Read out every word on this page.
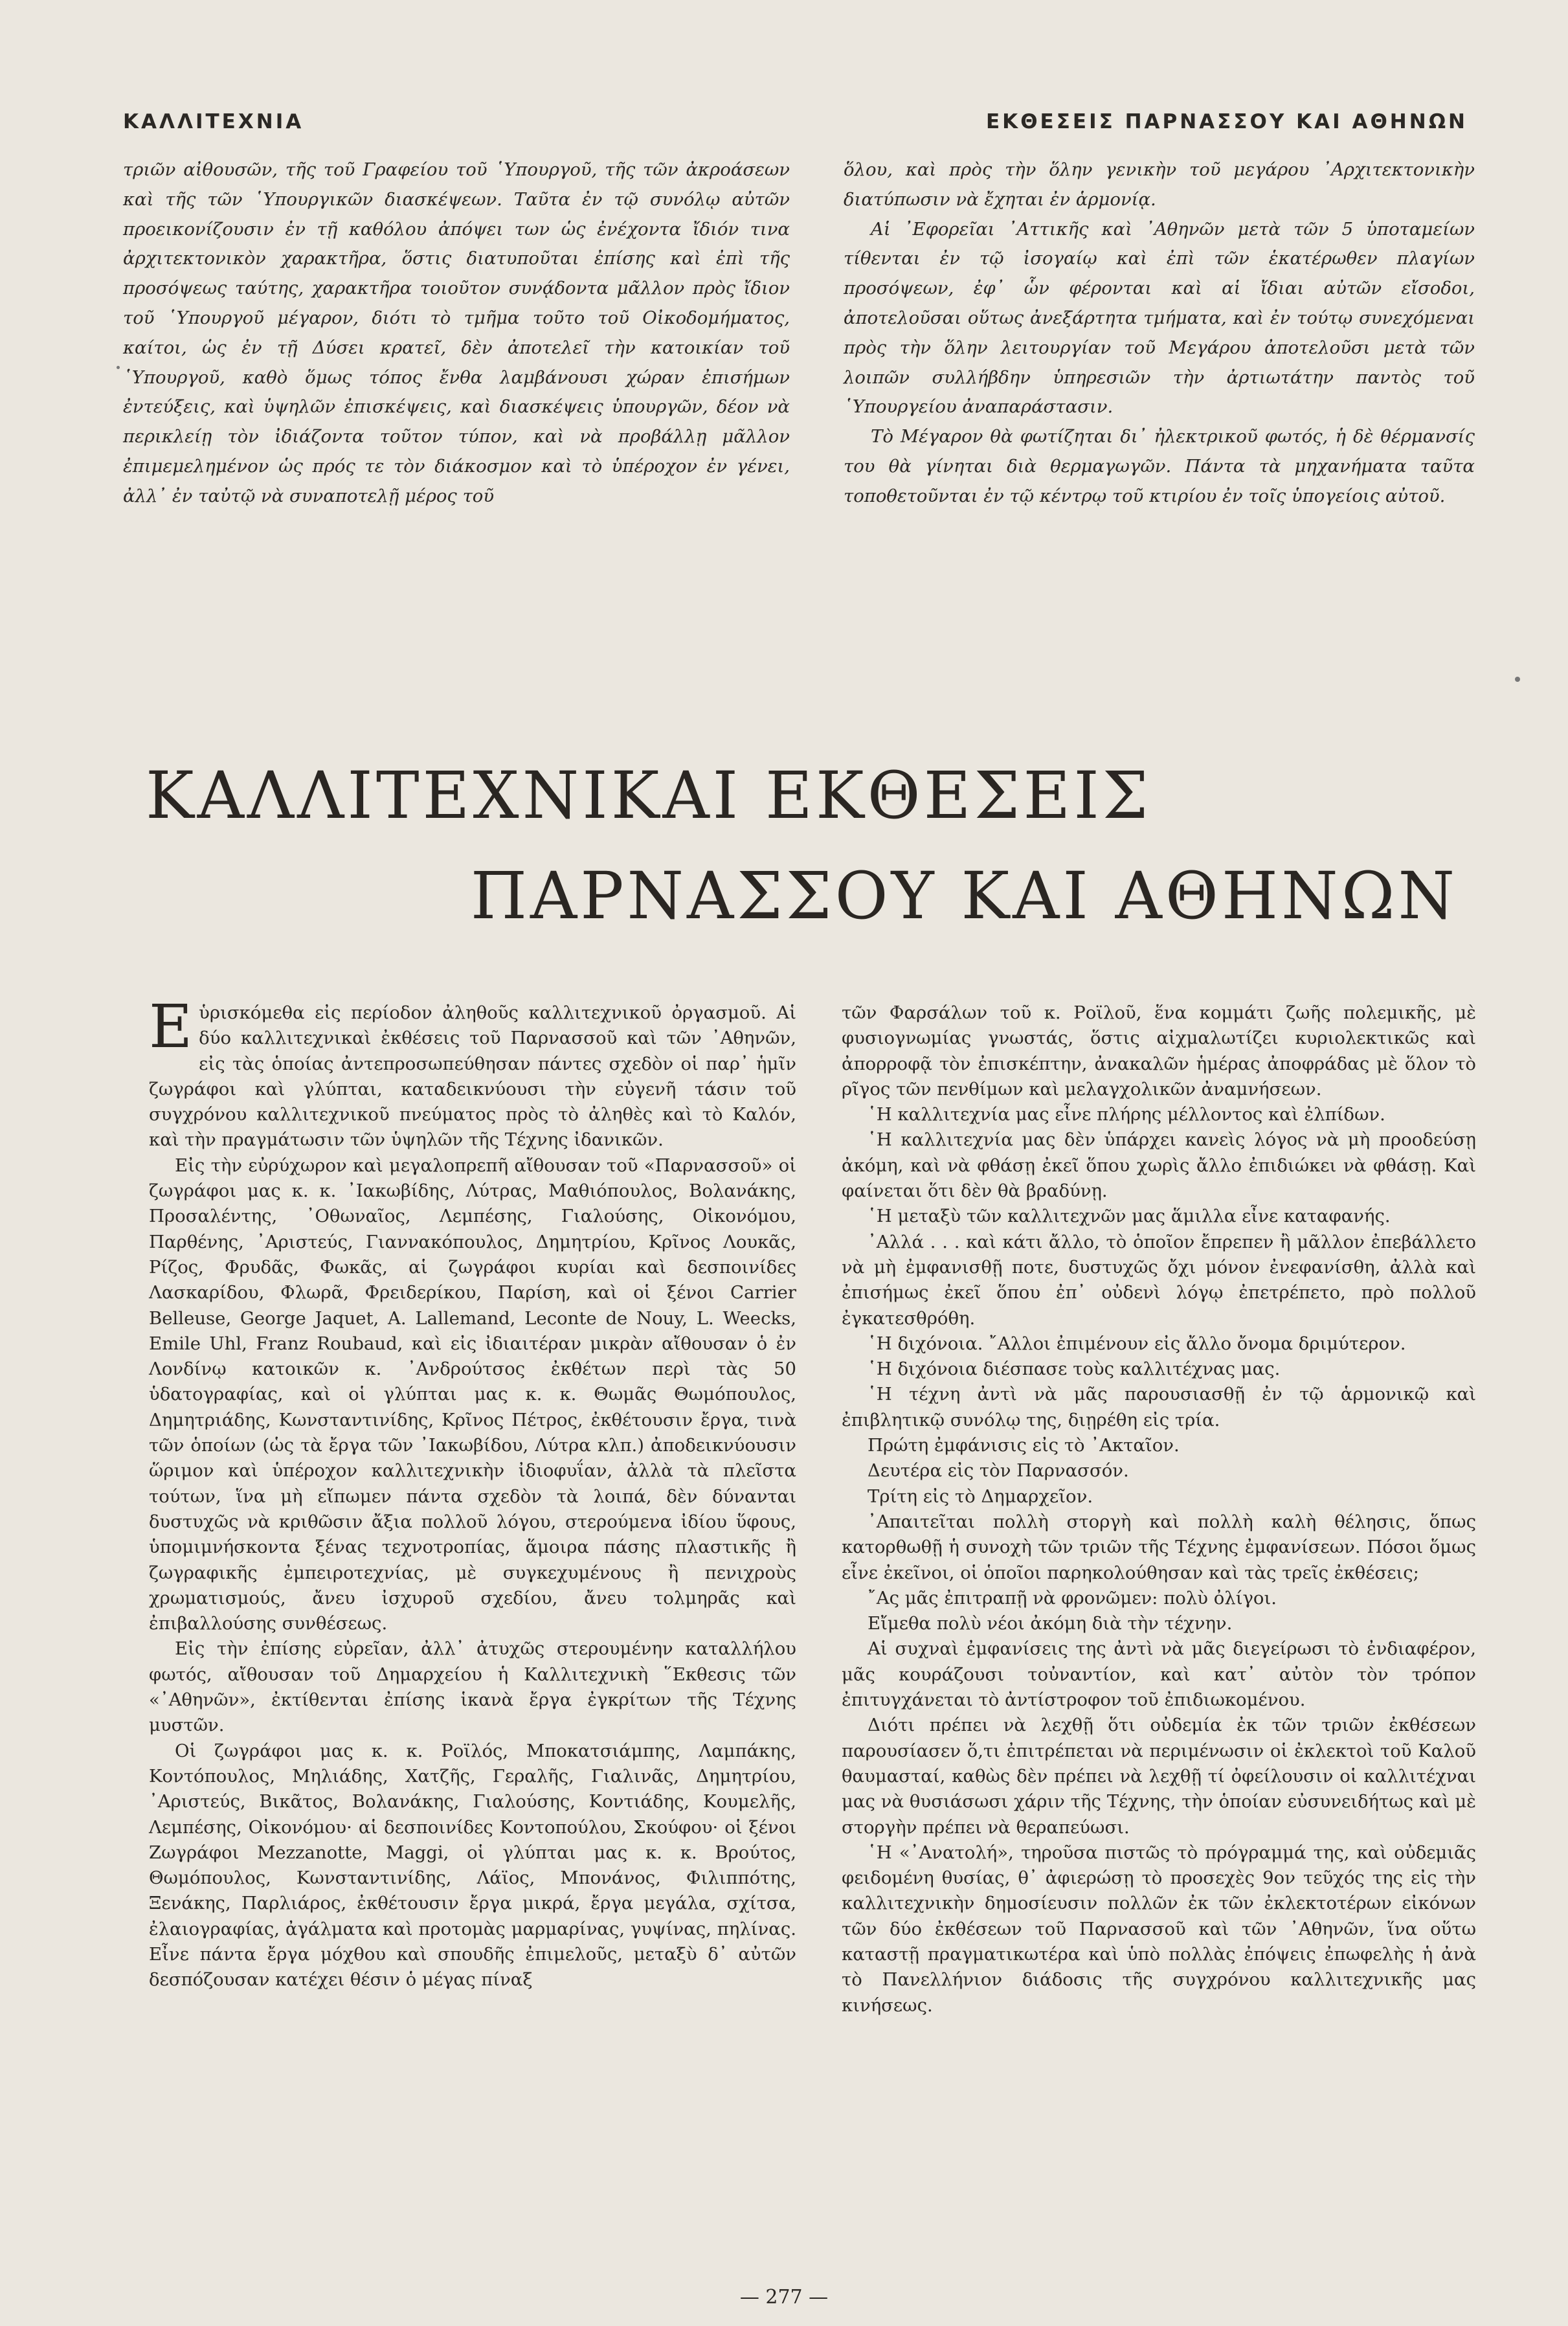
ΚΑΛΛΙΤΕΧΝΙΑ	ΕΚΘΕΣΕΙΣ ΠΑΡΝΑΣΣΟΥ ΚΑΙ ΑΘΗΝΩΝ

τριῶν αἰθουσῶν, τῆς τοῦ Γραφείου τοῦ ῾Υπουργοῦ, τῆς τῶν ἀκροάσεων καὶ τῆς τῶν ῾Υπουργικῶν διασκέψεων. Ταῦτα ἐν τῷ συνόλῳ αὐτῶν προεικονίζουσιν ἐν τῇ καθόλου ἀπόψει των ὡς ἐνέχοντα ἴδιόν τινα ἀρχιτεκτονικὸν χαρακτῆρα, ὅστις διατυποῦται ἐπίσης καὶ ἐπὶ τῆς προσόψεως ταύτης, χαρακτῆρα τοιοῦτον συνᾴδοντα μᾶλλον πρὸς ἴδιον τοῦ ῾Υπουργοῦ μέγαρον, διότι τὸ τμῆμα τοῦτο τοῦ Οἰκοδομήματος, καίτοι, ὡς ἐν τῇ Δύσει κρατεῖ, δὲν ἀποτελεῖ τὴν κατοικίαν τοῦ ῾Υπουργοῦ, καθὸ ὅμως τόπος ἔνθα λαμβάνουσι χώραν ἐπισήμων ἐντεύξεις, καὶ ὑψηλῶν ἐπισκέψεις, καὶ διασκέψεις ὑπουργῶν, δέον νὰ περικλείῃ τὸν ἰδιάζοντα τοῦτον τύπον, καὶ νὰ προβάλλῃ μᾶλλον ἐπιμεμελημένον ὡς πρός τε τὸν διάκοσμον καὶ τὸ ὑπέροχον ἐν γένει, ἀλλ᾿ ἐν ταὐτῷ νὰ συναποτελῇ μέρος τοῦ

ὅλου, καὶ πρὸς τὴν ὅλην γενικὴν τοῦ μεγάρου ᾽Αρχιτεκτονικὴν διατύπωσιν νὰ ἔχηται ἐν ἁρμονίᾳ.

Αἱ ᾽Εφορεῖαι ᾽Αττικῆς καὶ ᾽Αθηνῶν μετὰ τῶν 5 ὑποταμείων τίθενται ἐν τῷ ἰσογαίῳ καὶ ἐπὶ τῶν ἑκατέρωθεν πλαγίων προσόψεων, ἐφ᾿ ὧν φέρονται καὶ αἱ ἴδιαι αὐτῶν εἴσοδοι, ἀποτελοῦσαι οὕτως ἀνεξάρτητα τμήματα, καὶ ἐν τούτῳ συνεχόμεναι πρὸς τὴν ὅλην λειτουργίαν τοῦ Μεγάρου ἀποτελοῦσι μετὰ τῶν λοιπῶν συλλήβδην ὑπηρεσιῶν τὴν ἀρτιωτάτην παντὸς τοῦ ῾Υπουργείου ἀναπαράστασιν.

Τὸ Μέγαρον θὰ φωτίζηται δι᾿ ἠλεκτρικοῦ φωτός, ἡ δὲ θέρμανσίς του θὰ γίνηται διὰ θερμαγωγῶν. Πάντα τὰ μηχανήματα ταῦτα τοποθετοῦνται ἐν τῷ κέντρῳ τοῦ κτιρίου ἐν τοῖς ὑπογείοις αὐτοῦ.

ΚΑΛΛΙΤΕΧΝΙΚΑΙ ΕΚΘΕΣΕΙΣ
ΠΑΡΝΑΣΣΟΥ ΚΑΙ ΑΘΗΝΩΝ

Εὑρισκόμεθα εἰς περίοδον ἀληθοῦς καλλιτεχνικοῦ ὀργασμοῦ. Αἱ δύο καλλιτεχνικαὶ ἐκθέσεις τοῦ Παρνασσοῦ καὶ τῶν ᾽Αθηνῶν, εἰς τὰς ὁποίας ἀντεπροσωπεύθησαν πάντες σχεδὸν οἱ παρ᾿ ἡμῖν ζωγράφοι καὶ γλύπται, καταδεικνύουσι τὴν εὐγενῆ τάσιν τοῦ συγχρόνου καλλιτεχνικοῦ πνεύματος πρὸς τὸ ἀληθὲς καὶ τὸ Καλόν, καὶ τὴν πραγμάτωσιν τῶν ὑψηλῶν τῆς Τέχνης ἰδανικῶν.

Εἰς τὴν εὐρύχωρον καὶ μεγαλοπρεπῆ αἴθουσαν τοῦ «Παρνασσοῦ» οἱ ζωγράφοι μας κ. κ. ᾽Ιακωβίδης, Λύτρας, Μαθιόπουλος, Βολανάκης, Προσαλέντης, ᾽Οθωναῖος, Λεμπέσης, Γιαλούσης, Οἰκονόμου, Παρθένης, ᾽Αριστεύς, Γιαννακόπουλος, Δημητρίου, Κρῖνος Λουκᾶς, Ρίζος, Φρυδᾶς, Φωκᾶς, αἱ ζωγράφοι κυρίαι καὶ δεσποινίδες Λασκαρίδου, Φλωρᾶ, Φρειδερίκου, Παρίση, καὶ οἱ ξένοι Carrier Belleuse, George Jaquet, A. Lallemand, Leconte de Nouy, L. Weecks, Emile Uhl, Franz Roubaud, καὶ εἰς ἰδιαιτέραν μικρὰν αἴθουσαν ὁ ἐν Λονδίνῳ κατοικῶν κ. ᾽Ανδρούτσος ἐκθέτων περὶ τὰς 50 ὑδατογραφίας, καὶ οἱ γλύπται μας κ. κ. Θωμᾶς Θωμόπουλος, Δημητριάδης, Κωνσταντινίδης, Κρῖνος Πέτρος, ἐκθέτουσιν ἔργα, τινὰ τῶν ὁποίων (ὡς τὰ ἔργα τῶν ᾽Ιακωβίδου, Λύτρα κλπ.) ἀποδεικνύουσιν ὥριμον καὶ ὑπέροχον καλλιτεχνικὴν ἰδιοφυΐαν, ἀλλὰ τὰ πλεῖστα τούτων, ἵνα μὴ εἴπωμεν πάντα σχεδὸν τὰ λοιπά, δὲν δύνανται δυστυχῶς νὰ κριθῶσιν ἄξια πολλοῦ λόγου, στερούμενα ἰδίου ὕφους, ὑπομιμνήσκοντα ξένας τεχνοτροπίας, ἅμοιρα πάσης πλαστικῆς ἢ ζωγραφικῆς ἐμπειροτεχνίας, μὲ συγκεχυμένους ἢ πενιχροὺς χρωματισμούς, ἄνευ ἰσχυροῦ σχεδίου, ἄνευ τολμηρᾶς καὶ ἐπιβαλλούσης συνθέσεως.

Εἰς τὴν ἐπίσης εὐρεῖαν, ἀλλ᾿ ἀτυχῶς στερουμένην καταλλήλου φωτός, αἴθουσαν τοῦ Δημαρχείου ἡ Καλλιτεχνικὴ ῞Εκθεσις τῶν «᾽Αθηνῶν», ἐκτίθενται ἐπίσης ἱκανὰ ἔργα ἐγκρίτων τῆς Τέχνης μυστῶν.

Οἱ ζωγράφοι μας κ. κ. Ροϊλός, Μποκατσιάμπης, Λαμπάκης, Κοντόπουλος, Μηλιάδης, Χατζῆς, Γεραλῆς, Γιαλινᾶς, Δημητρίου, ᾽Αριστεύς, Βικᾶτος, Βολανάκης, Γιαλούσης, Κοντιάδης, Κουμελῆς, Λεμπέσης, Οἰκονόμου· αἱ δεσποινίδες Κοντοπούλου, Σκούφου· οἱ ξένοι Ζωγράφοι Mezzanotte, Maggi, οἱ γλύπται μας κ. κ. Βρούτος, Θωμόπουλος, Κωνσταντινίδης, Λάϊος, Μπονάνος, Φιλιππότης, Ξενάκης, Παρλιάρος, ἐκθέτουσιν ἔργα μικρά, ἔργα μεγάλα, σχίτσα, ἐλαιογραφίας, ἀγάλματα καὶ προτομὰς μαρμαρίνας, γυψίνας, πηλίνας. Εἶνε πάντα ἔργα μόχθου καὶ σπουδῆς ἐπιμελοῦς, μεταξὺ δ᾿ αὐτῶν δεσπόζουσαν κατέχει θέσιν ὁ μέγας πίναξ

τῶν Φαρσάλων τοῦ κ. Ροϊλοῦ, ἕνα κομμάτι ζωῆς πολεμικῆς, μὲ φυσιογνωμίας γνωστάς, ὅστις αἰχμαλωτίζει κυριολεκτικῶς καὶ ἀπορροφᾷ τὸν ἐπισκέπτην, ἀνακαλῶν ἡμέρας ἀποφράδας μὲ ὅλον τὸ ρῖγος τῶν πενθίμων καὶ μελαγχολικῶν ἀναμνήσεων.

῾Η καλλιτεχνία μας εἶνε πλήρης μέλλοντος καὶ ἐλπίδων.

῾Η καλλιτεχνία μας δὲν ὑπάρχει κανεὶς λόγος νὰ μὴ προοδεύσῃ ἀκόμη, καὶ νὰ φθάσῃ ἐκεῖ ὅπου χωρὶς ἄλλο ἐπιδιώκει νὰ φθάσῃ. Καὶ φαίνεται ὅτι δὲν θὰ βραδύνῃ.

῾Η μεταξὺ τῶν καλλιτεχνῶν μας ἅμιλλα εἶνε καταφανής.

᾽Αλλά . . . καὶ κάτι ἄλλο, τὸ ὁποῖον ἔπρεπεν ἢ μᾶλλον ἐπεβάλλετο νὰ μὴ ἐμφανισθῇ ποτε, δυστυχῶς ὄχι μόνον ἐνεφανίσθη, ἀλλὰ καὶ ἐπισήμως ἐκεῖ ὅπου ἐπ᾿ οὐδενὶ λόγῳ ἐπετρέπετο, πρὸ πολλοῦ ἐγκατεσθρόθη.

῾Η διχόνοια. ῎Αλλοι ἐπιμένουν εἰς ἄλλο ὄνομα δριμύτερον.

῾Η διχόνοια διέσπασε τοὺς καλλιτέχνας μας.

῾Η τέχνη ἀντὶ νὰ μᾶς παρουσιασθῇ ἐν τῷ ἁρμονικῷ καὶ ἐπιβλητικῷ συνόλῳ της, διῃρέθη εἰς τρία.

Πρώτη ἐμφάνισις εἰς τὸ ᾽Ακταῖον.

Δευτέρα εἰς τὸν Παρνασσόν.

Τρίτη εἰς τὸ Δημαρχεῖον.

᾽Απαιτεῖται πολλὴ στοργὴ καὶ πολλὴ καλὴ θέλησις, ὅπως κατορθωθῇ ἡ συνοχὴ τῶν τριῶν τῆς Τέχνης ἐμφανίσεων. Πόσοι ὅμως εἶνε ἐκεῖνοι, οἱ ὁποῖοι παρηκολούθησαν καὶ τὰς τρεῖς ἐκθέσεις;

῎Ας μᾶς ἐπιτραπῇ νὰ φρονῶμεν: πολὺ ὀλίγοι.

Εἴμεθα πολὺ νέοι ἀκόμη διὰ τὴν τέχνην.

Αἱ συχναὶ ἐμφανίσεις της ἀντὶ νὰ μᾶς διεγείρωσι τὸ ἐνδιαφέρον, μᾶς κουράζουσι τοὐναντίον, καὶ κατ᾿ αὐτὸν τὸν τρόπον ἐπιτυγχάνεται τὸ ἀντίστροφον τοῦ ἐπιδιωκομένου.

Διότι πρέπει νὰ λεχθῇ ὅτι οὐδεμία ἐκ τῶν τριῶν ἐκθέσεων παρουσίασεν ὅ,τι ἐπιτρέπεται νὰ περιμένωσιν οἱ ἐκλεκτοὶ τοῦ Καλοῦ θαυμασταί, καθὼς δὲν πρέπει νὰ λεχθῇ τί ὀφείλουσιν οἱ καλλιτέχναι μας νὰ θυσιάσωσι χάριν τῆς Τέχνης, τὴν ὁποίαν εὐσυνειδήτως καὶ μὲ στοργὴν πρέπει νὰ θεραπεύωσι.

῾Η «᾽Ανατολή», τηροῦσα πιστῶς τὸ πρόγραμμά της, καὶ οὐδεμιᾶς φειδομένη θυσίας, θ᾿ ἀφιερώσῃ τὸ προσεχὲς 9ον τεῦχός της εἰς τὴν καλλιτεχνικὴν δημοσίευσιν πολλῶν ἐκ τῶν ἐκλεκτοτέρων εἰκόνων τῶν δύο ἐκθέσεων τοῦ Παρνασσοῦ καὶ τῶν ᾽Αθηνῶν, ἵνα οὕτω καταστῇ πραγματικωτέρα καὶ ὑπὸ πολλὰς ἐπόψεις ἐπωφελὴς ἡ ἀνὰ τὸ Πανελλήνιον διάδοσις τῆς συγχρόνου καλλιτεχνικῆς μας κινήσεως.

— 277 —
